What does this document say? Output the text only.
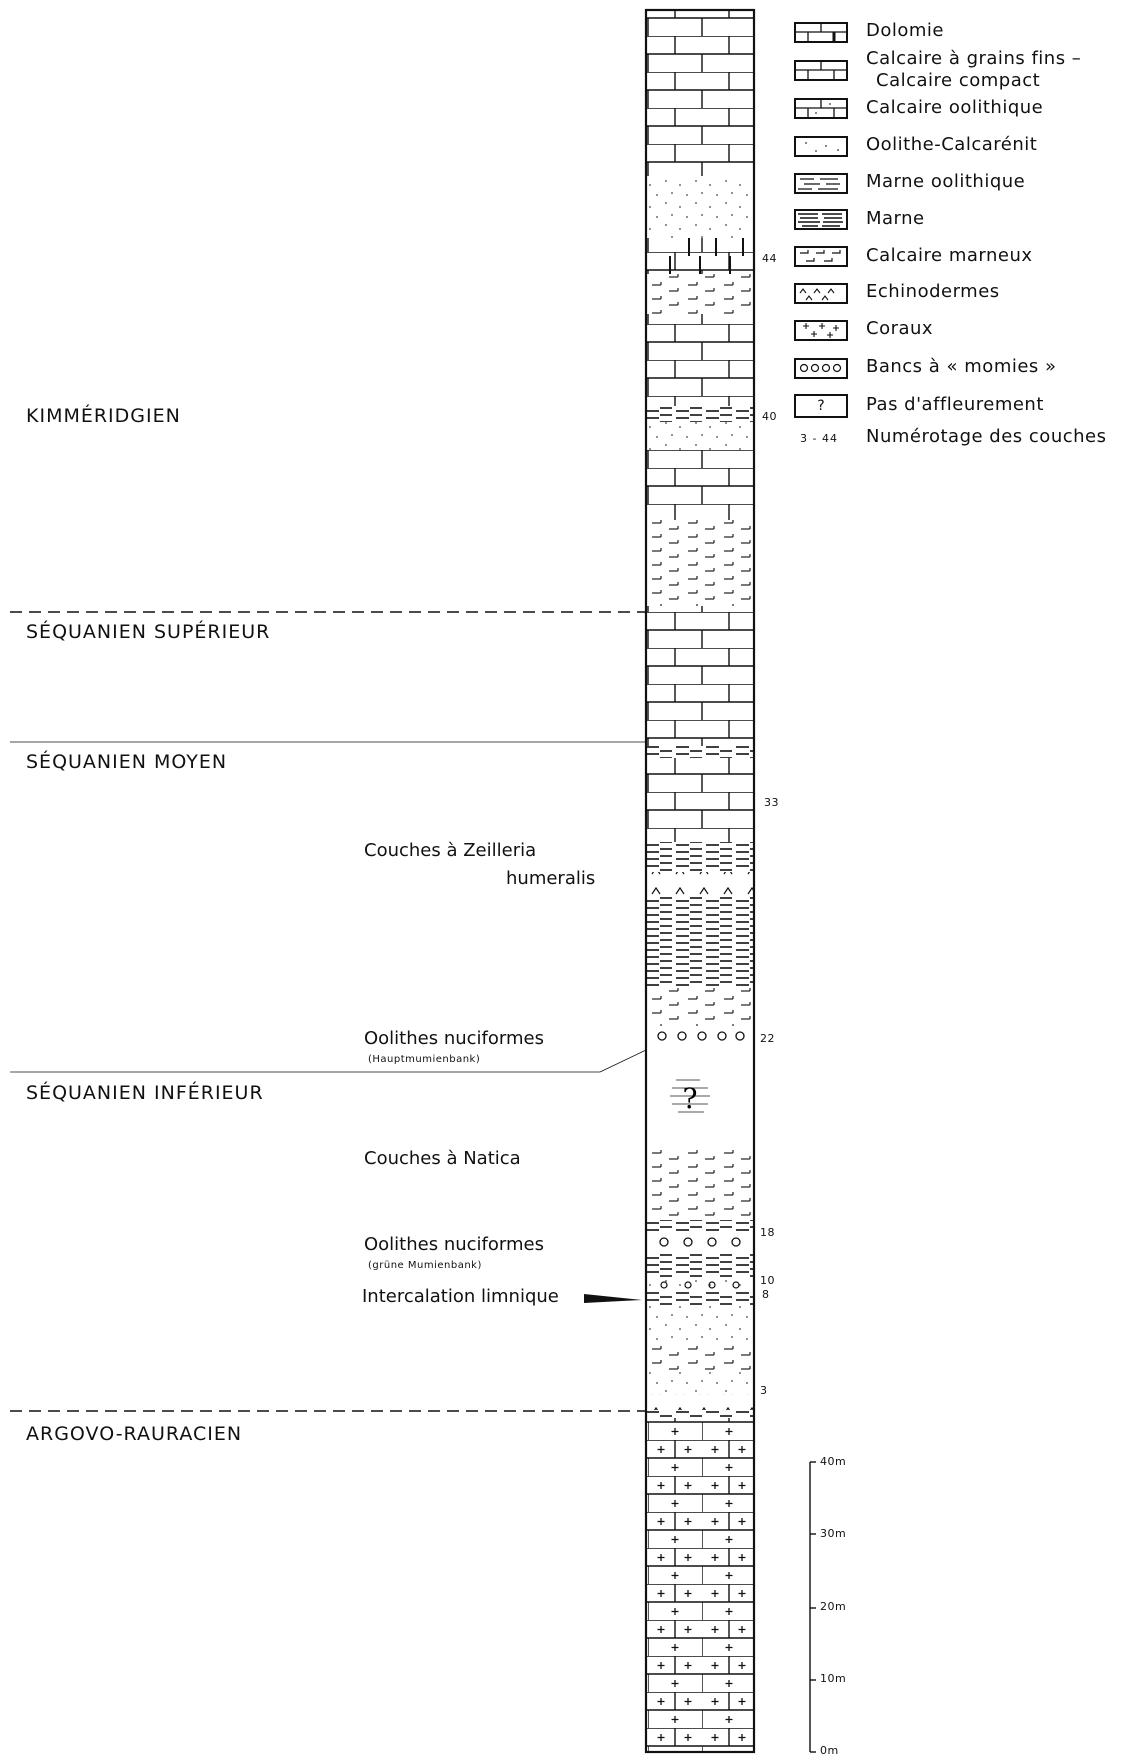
?
KIMMÉRIDGIEN
SÉQUANIEN SUPÉRIEUR
SÉQUANIEN MOYEN
SÉQUANIEN INFÉRIEUR
ARGOVO-RAURACIEN
Couches à Zeilleria
humeralis
Oolithes nuciformes
(Hauptmumienbank)
Couches à Natica
Oolithes nuciformes
(grüne Mumienbank)
Intercalation limnique
44
40
33
22
18
10
8
3
Dolomie
Calcaire à grains fins –
Calcaire compact
Calcaire oolithique
Oolithe-Calcarénit
Marne oolithique
Marne
Calcaire marneux
Echinodermes
Coraux
Bancs à « momies »
?	Pas d'affleurement
3 - 44 Numérotage des couches
40m
30m
20m
10m
0m
